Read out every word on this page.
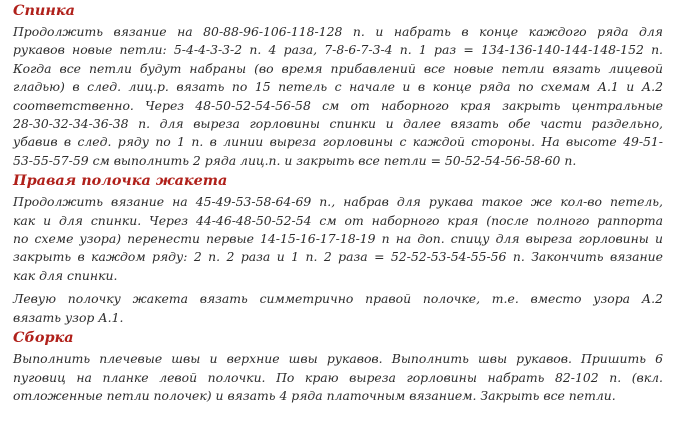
Спинка

Продолжить вязание на 80-88-96-106-118-128 п. и набрать в конце каждого ряда для
рукавов новые петли: 5-4-4-3-3-2 п. 4 раза, 7-8-6-7-3-4 п. 1 раз = 134-136-140-144-148-152 п.
Когда все петли будут набраны (во время прибавлений все новые петли вязать лицевой
гладью) в след. лиц.р. вязать по 15 петель с начале и в конце ряда по схемам А.1 и А.2
соответственно. Через 48-50-52-54-56-58 см от наборного края закрыть центральные
28-30-32-34-36-38 п. для выреза горловины спинки и далее вязать обе части раздельно,
убавив в след. ряду по 1 п. в линии выреза горловины с каждой стороны. На высоте 49-51-
53-55-57-59 см выполнить 2 ряда лиц.п. и закрыть все петли = 50-52-54-56-58-60 п.

Правая полочка жакета

Продолжить вязание на 45-49-53-58-64-69 п., набрав для рукава такое же кол-во петель,
как и для спинки. Через 44-46-48-50-52-54 см от наборного края (после полного раппорта
по схеме узора) перенести первые 14-15-16-17-18-19 п на доп. спицу для выреза горловины и
закрыть в каждом ряду: 2 п. 2 раза и 1 п. 2 раза = 52-52-53-54-55-56 п. Закончить вязание
как для спинки.

Левую полочку жакета вязать симметрично правой полочке, т.е. вместо узора А.2
вязать узор А.1.

Сборка

Выполнить плечевые швы и верхние швы рукавов. Выполнить швы рукавов. Пришить 6
пуговиц на планке левой полочки. По краю выреза горловины набрать 82-102 п. (вкл.
отложенные петли полочек) и вязать 4 ряда платочным вязанием. Закрыть все петли.
